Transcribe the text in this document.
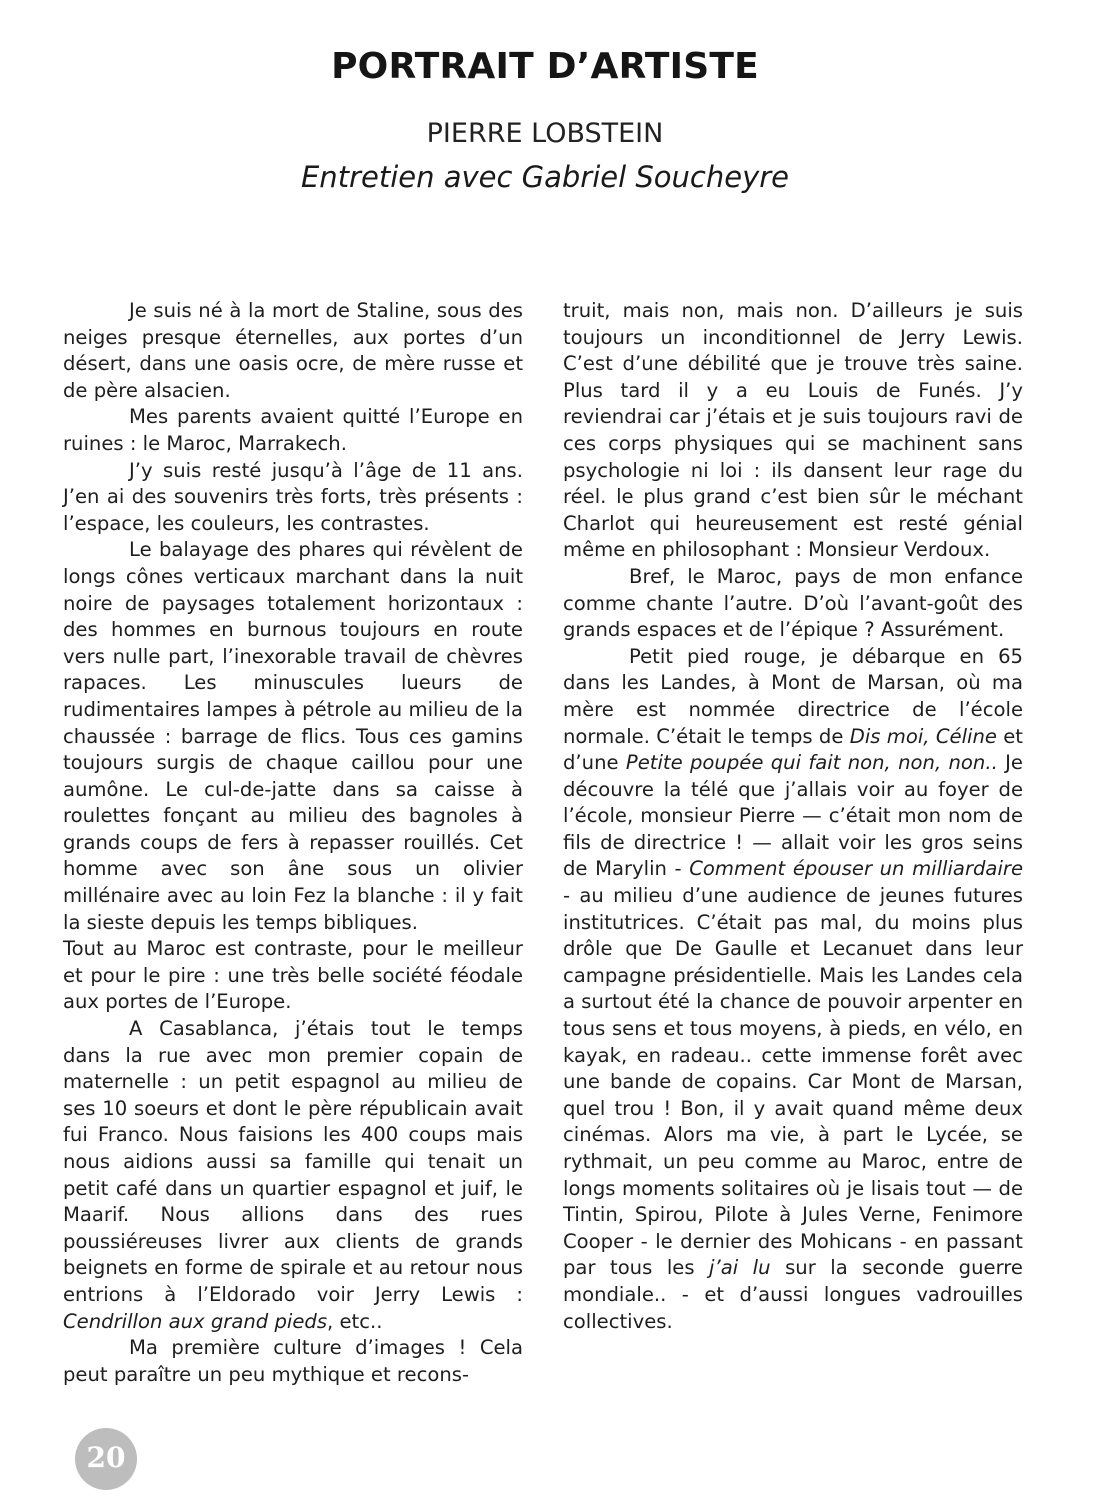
PORTRAIT D’ARTISTE
PIERRE LOBSTEIN
Entretien avec Gabriel Soucheyre

Je suis né à la mort de Staline, sous des neiges presque éternelles, aux portes d’un désert, dans une oasis ocre, de mère russe et de père alsacien.

Mes parents avaient quitté l’Europe en ruines : le Maroc, Marrakech.

J’y suis resté jusqu’à l’âge de 11 ans. J’en ai des souvenirs très forts, très présents : l’espace, les couleurs, les contrastes.

Le balayage des phares qui révèlent de longs cônes verticaux marchant dans la nuit noire de paysages totalement horizontaux : des hommes en burnous toujours en route vers nulle part, l’inexorable travail de chèvres rapaces. Les minuscules lueurs de rudimentaires lampes à pétrole au milieu de la chaussée : barrage de flics. Tous ces gamins toujours surgis de chaque caillou pour une aumône. Le cul-de-jatte dans sa caisse à roulettes fonçant au milieu des bagnoles à grands coups de fers à repasser rouillés. Cet homme avec son âne sous un olivier millénaire avec au loin Fez la blanche : il y fait la sieste depuis les temps bibliques.

Tout au Maroc est contraste, pour le meilleur et pour le pire : une très belle société féodale aux portes de l’Europe.

A Casablanca, j’étais tout le temps dans la rue avec mon premier copain de maternelle : un petit espagnol au milieu de ses 10 soeurs et dont le père républicain avait fui Franco. Nous faisions les 400 coups mais nous aidions aussi sa famille qui tenait un petit café dans un quartier espagnol et juif, le Maarif. Nous allions dans des rues poussiéreuses livrer aux clients de grands beignets en forme de spirale et au retour nous entrions à l’Eldorado voir Jerry Lewis : Cendrillon aux grand pieds, etc..

Ma première culture d’images ! Cela peut paraître un peu mythique et recons-

truit, mais non, mais non. D’ailleurs je suis toujours un inconditionnel de Jerry Lewis. C’est d’une débilité que je trouve très saine. Plus tard il y a eu Louis de Funés. J’y reviendrai car j’étais et je suis toujours ravi de ces corps physiques qui se machinent sans psychologie ni loi : ils dansent leur rage du réel. le plus grand c’est bien sûr le méchant Charlot qui heureusement est resté génial même en philosophant : Monsieur Verdoux.

Bref, le Maroc, pays de mon enfance comme chante l’autre. D’où l’avant-goût des grands espaces et de l’épique ? Assurément.

Petit pied rouge, je débarque en 65 dans les Landes, à Mont de Marsan, où ma mère est nommée directrice de l’école normale. C’était le temps de Dis moi, Céline et d’une Petite poupée qui fait non, non, non.. Je découvre la télé que j’allais voir au foyer de l’école, monsieur Pierre — c’était mon nom de fils de directrice ! — allait voir les gros seins de Marylin - Comment épouser un milliardaire - au milieu d’une audience de jeunes futures institutrices. C’était pas mal, du moins plus drôle que De Gaulle et Lecanuet dans leur campagne présidentielle. Mais les Landes cela a surtout été la chance de pouvoir arpenter en tous sens et tous moyens, à pieds, en vélo, en kayak, en radeau.. cette immense forêt avec une bande de copains. Car Mont de Marsan, quel trou ! Bon, il y avait quand même deux cinémas. Alors ma vie, à part le Lycée, se rythmait, un peu comme au Maroc, entre de longs moments solitaires où je lisais tout — de Tintin, Spirou, Pilote à Jules Verne, Fenimore Cooper - le dernier des Mohicans - en passant par tous les j’ai lu sur la seconde guerre mondiale.. - et d’aussi longues vadrouilles collectives.

20
